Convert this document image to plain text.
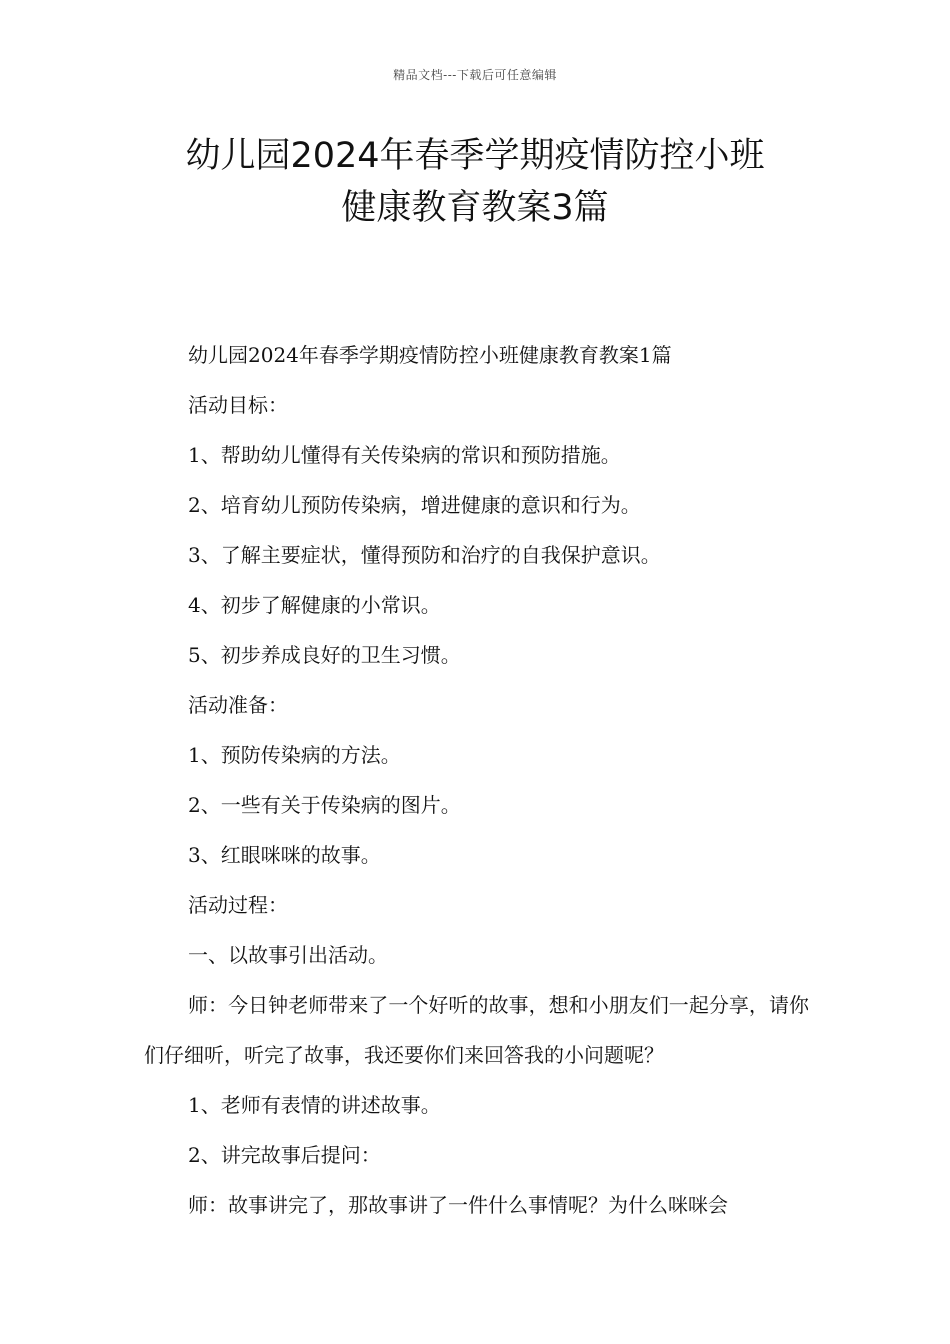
精品文档---下载后可任意编辑
幼儿园2024年春季学期疫情防控小班
健康教育教案3篇

幼儿园2024年春季学期疫情防控小班健康教育教案1篇

活动目标：

1、帮助幼儿懂得有关传染病的常识和预防措施。

2、培育幼儿预防传染病，增进健康的意识和行为。

3、了解主要症状，懂得预防和治疗的自我保护意识。

4、初步了解健康的小常识。

5、初步养成良好的卫生习惯。

活动准备：

1、预防传染病的方法。

2、一些有关于传染病的图片。

3、红眼咪咪的故事。

活动过程：

一、以故事引出活动。

师：今日钟老师带来了一个好听的故事，想和小朋友们一起分享，请你们仔细听，听完了故事，我还要你们来回答我的小问题呢？

1、老师有表情的讲述故事。

2、讲完故事后提问：

师：故事讲完了，那故事讲了一件什么事情呢？为什么咪咪会
